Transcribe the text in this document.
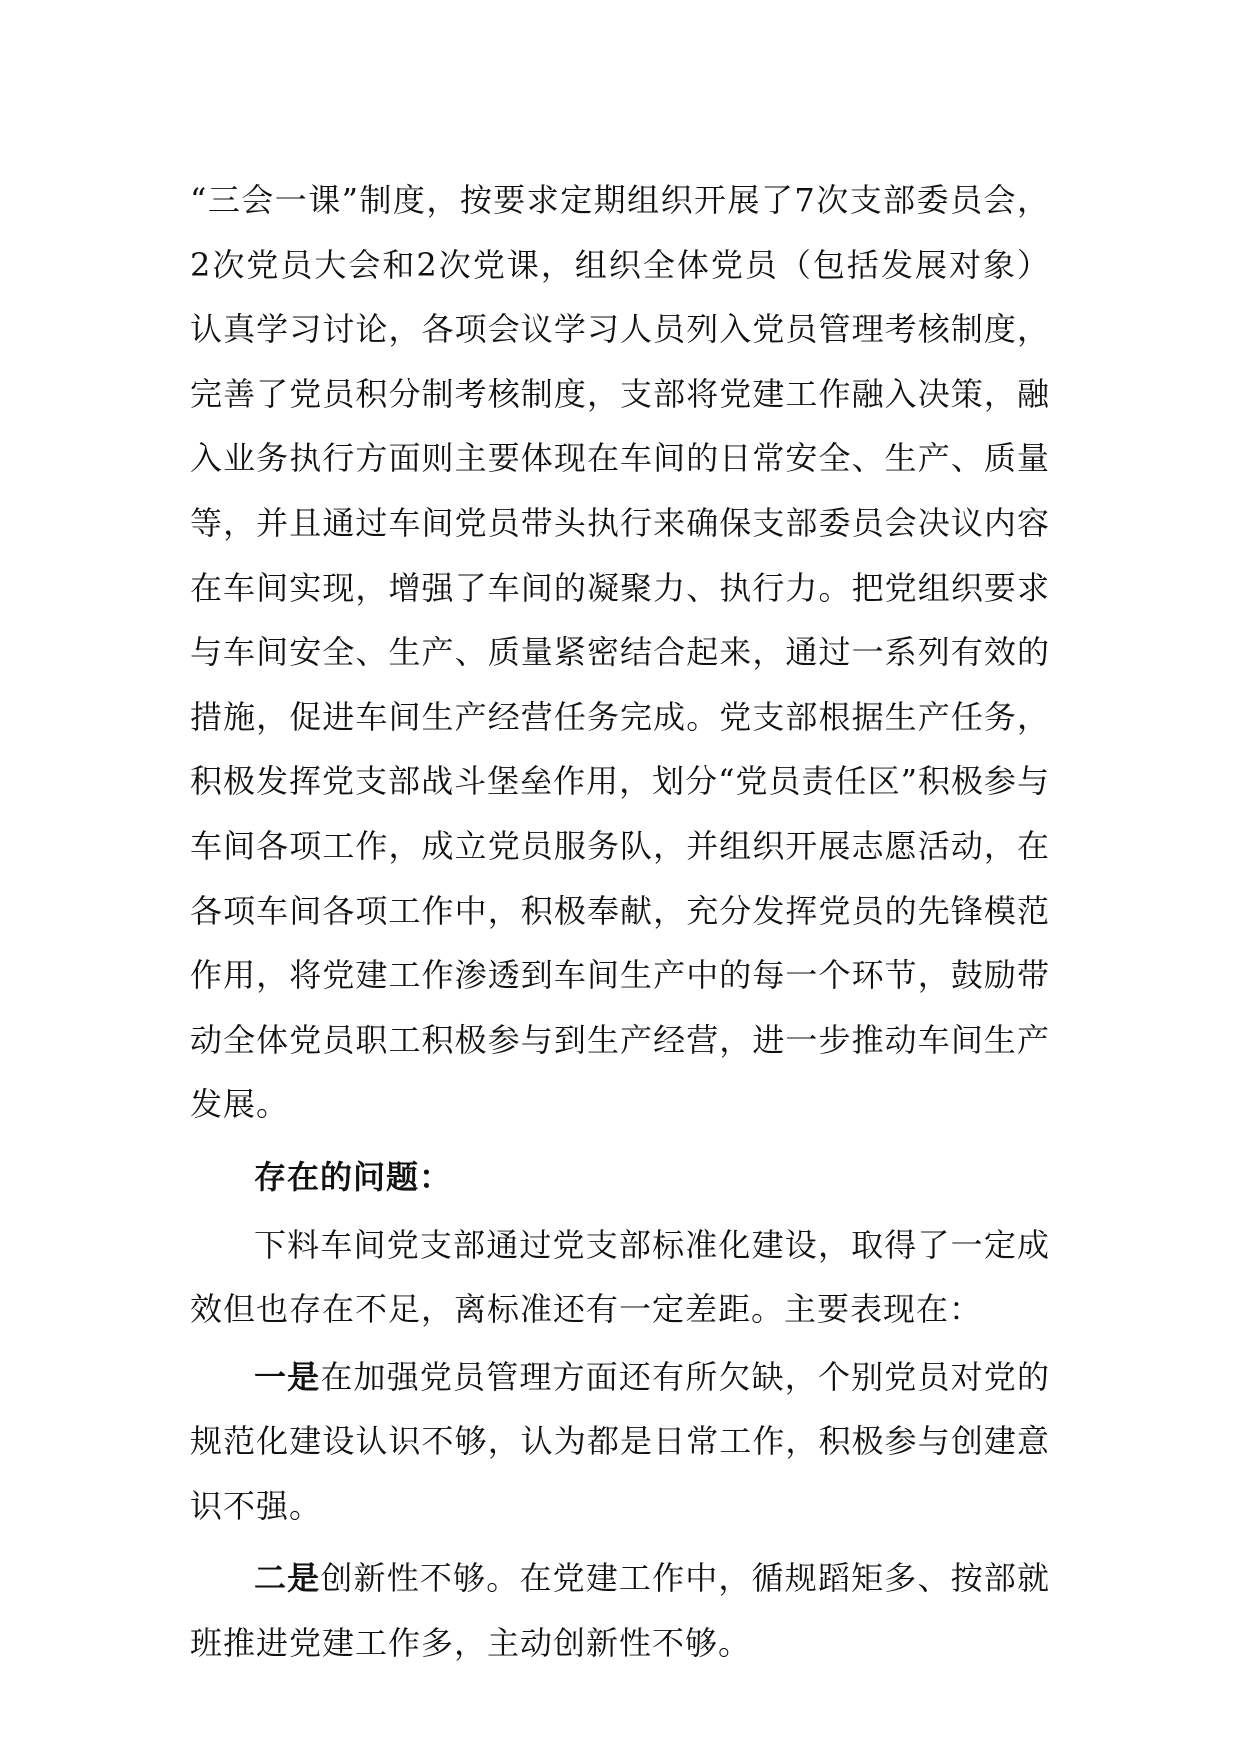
“三会一课”制度，按要求定期组织开展了7次支部委员会，2次党员大会和2次党课，组织全体党员（包括发展对象）认真学习讨论，各项会议学习人员列入党员管理考核制度，完善了党员积分制考核制度，支部将党建工作融入决策，融入业务执行方面则主要体现在车间的日常安全、生产、质量等，并且通过车间党员带头执行来确保支部委员会决议内容在车间实现，增强了车间的凝聚力、执行力。把党组织要求与车间安全、生产、质量紧密结合起来，通过一系列有效的措施，促进车间生产经营任务完成。党支部根据生产任务，积极发挥党支部战斗堡垒作用，划分“党员责任区”积极参与车间各项工作，成立党员服务队，并组织开展志愿活动，在各项车间各项工作中，积极奉献，充分发挥党员的先锋模范作用，将党建工作渗透到车间生产中的每一个环节，鼓励带动全体党员职工积极参与到生产经营，进一步推动车间生产发展。

存在的问题：

下料车间党支部通过党支部标准化建设，取得了一定成效但也存在不足，离标准还有一定差距。主要表现在：

一是在加强党员管理方面还有所欠缺，个别党员对党的规范化建设认识不够，认为都是日常工作，积极参与创建意识不强。

二是创新性不够。在党建工作中，循规蹈矩多、按部就班推进党建工作多，主动创新性不够。
